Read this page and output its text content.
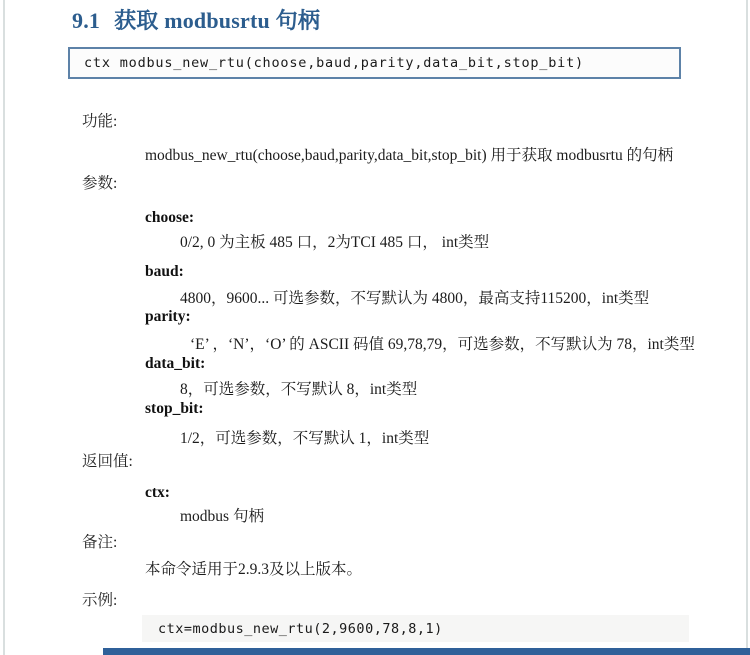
9.1 获取 modbusrtu 句柄
ctx modbus_new_rtu(choose,baud,parity,data_bit,stop_bit)
功能:
modbus_new_rtu(choose,baud,parity,data_bit,stop_bit) 用于获取 modbusrtu 的句柄
参数:
choose:
0/2, 0 为主板 485 口，2为TCI 485 口， int类型
baud:
4800，9600... 可选参数，不写默认为 4800，最高支持115200，int类型
parity:
‘E’ ，‘N’，‘O’ 的 ASCII 码值 69,78,79，可选参数，不写默认为 78，int类型
data_bit:
8，可选参数，不写默认 8，int类型
stop_bit:
1/2，可选参数，不写默认 1，int类型
返回值:
ctx:
modbus 句柄
备注:
本命令适用于2.9.3及以上版本。
示例:
ctx=modbus_new_rtu(2,9600,78,8,1)
